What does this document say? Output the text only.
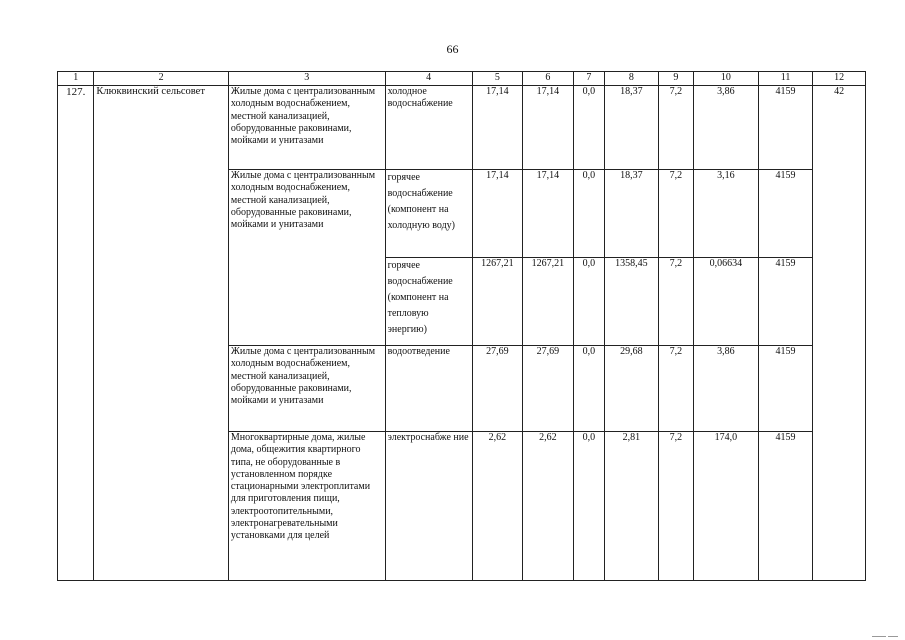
66
1	2	3	4	5	6	7	8	9	10	11	12
127.	Клюквинский сельсовет	Жилые дома с централизованным холодным водоснабжением, местной канализацией, оборудованные раковинами, мойками и унитазами	холодное водоснабжение	17,14	17,14	0,0	18,37	7,2	3,86	4159	42
		Жилые дома с централизованным холодным водоснабжением, местной канализацией, оборудованные раковинами, мойками и унитазами	горячее водоснабжение (компонент на холодную воду)	17,14	17,14	0,0	18,37	7,2	3,16	4159	
			горячее водоснабжение (компонент на тепловую энергию)	1267,21	1267,21	0,0	1358,45	7,2	0,06634	4159	
		Жилые дома с централизованным холодным водоснабжением, местной канализацией, оборудованные раковинами, мойками и унитазами	водоотведение	27,69	27,69	0,0	29,68	7,2	3,86	4159	
		Многоквартирные дома, жилые дома, общежития квартирного типа, не оборудованные в установленном порядке стационарными электроплитами для приготовления пищи, электроотопительными, электронагревательными установками для целей	электроснабже ние	2,62	2,62	0,0	2,81	7,2	174,0	4159	
